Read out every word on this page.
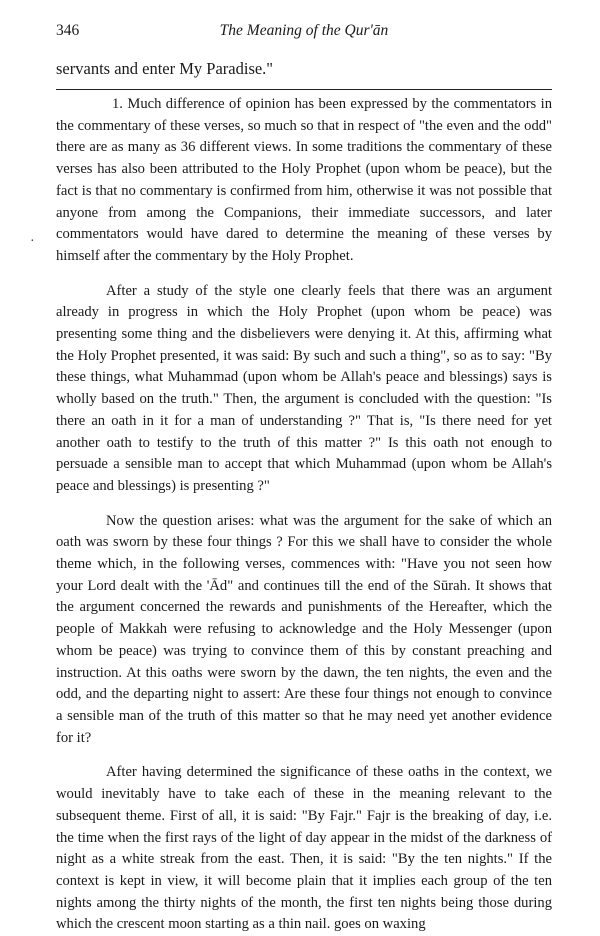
346	The Meaning of the Qur'ān
servants and enter My Paradise."
·

1. Much difference of opinion has been expressed by the commentators in the commentary of these verses, so much so that in respect of "the even and the odd" there are as many as 36 different views. In some traditions the commentary of these verses has also been attributed to the Holy Prophet (upon whom be peace), but the fact is that no commentary is confirmed from him, otherwise it was not possible that anyone from among the Companions, their immediate successors, and later commentators would have dared to determine the meaning of these verses by himself after the commentary by the Holy Prophet.

After a study of the style one clearly feels that there was an argument already in progress in which the Holy Prophet (upon whom be peace) was presenting some thing and the disbelievers were denying it. At this, affirming what the Holy Prophet presented, it was said: By such and such a thing", so as to say: "By these things, what Muhammad (upon whom be Allah's peace and blessings) says is wholly based on the truth." Then, the argument is concluded with the question: "Is there an oath in it for a man of understanding ?" That is, "Is there need for yet another oath to testify to the truth of this matter ?" Is this oath not enough to persuade a sensible man to accept that which Muhammad (upon whom be Allah's peace and blessings) is presenting ?"

Now the question arises: what was the argument for the sake of which an oath was sworn by these four things ? For this we shall have to consider the whole theme which, in the following verses, commences with: "Have you not seen how your Lord dealt with the 'Ād" and continues till the end of the Sūrah. It shows that the argument concerned the rewards and punishments of the Hereafter, which the people of Makkah were refusing to acknowledge and the Holy Messenger (upon whom be peace) was trying to convince them of this by constant preaching and instruction. At this oaths were sworn by the dawn, the ten nights, the even and the odd, and the departing night to assert: Are these four things not enough to convince a sensible man of the truth of this matter so that he may need yet another evidence for it?

After having determined the significance of these oaths in the context, we would inevitably have to take each of these in the meaning relevant to the subsequent theme. First of all, it is said: "By Fajr." Fajr is the breaking of day, i.e. the time when the first rays of the light of day appear in the midst of the darkness of night as a white streak from the east. Then, it is said: "By the ten nights." If the context is kept in view, it will become plain that it implies each group of the ten nights among the thirty nights of the month, the first ten nights being those during which the crescent moon starting as a thin nail. goes on waxing
